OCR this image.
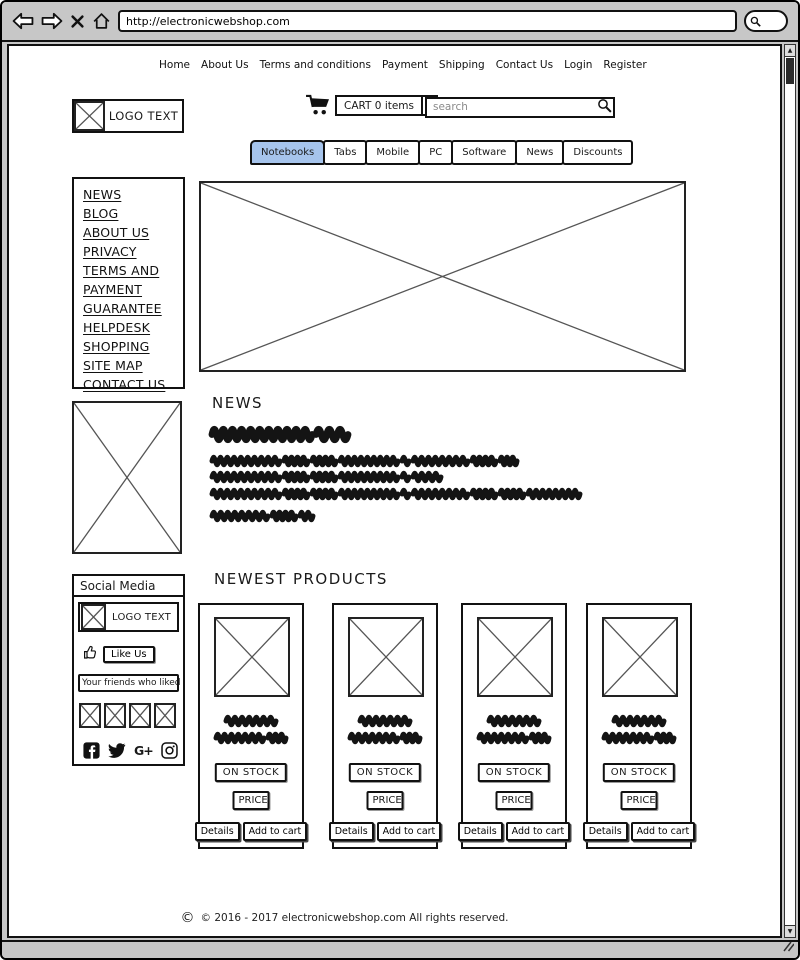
http://electronicwebshop.com
Home About Us Terms and conditions Payment Shipping Contact Us Login Register
LOGO TEXT
CART 0 items
search
Notebooks	Tabs	Mobile	PC	Software	News	Discounts
NEWS
BLOG
ABOUT US
PRIVACY
TERMS AND PAYMENT
GUARANTEE
HELPDESK
SHOPPING
SITE MAP
CONTACT US
NEWS
NEWEST PRODUCTS
ON STOCK
PRICE
Details	Add to cart
ON STOCK
PRICE
Details	Add to cart
ON STOCK
PRICE
Details	Add to cart
ON STOCK
PRICE
Details	Add to cart
Social Media
LOGO TEXT
Like Us
Your friends who liked
G+
© © 2016 - 2017 electronicwebshop.com All rights reserved.
▲
▼
